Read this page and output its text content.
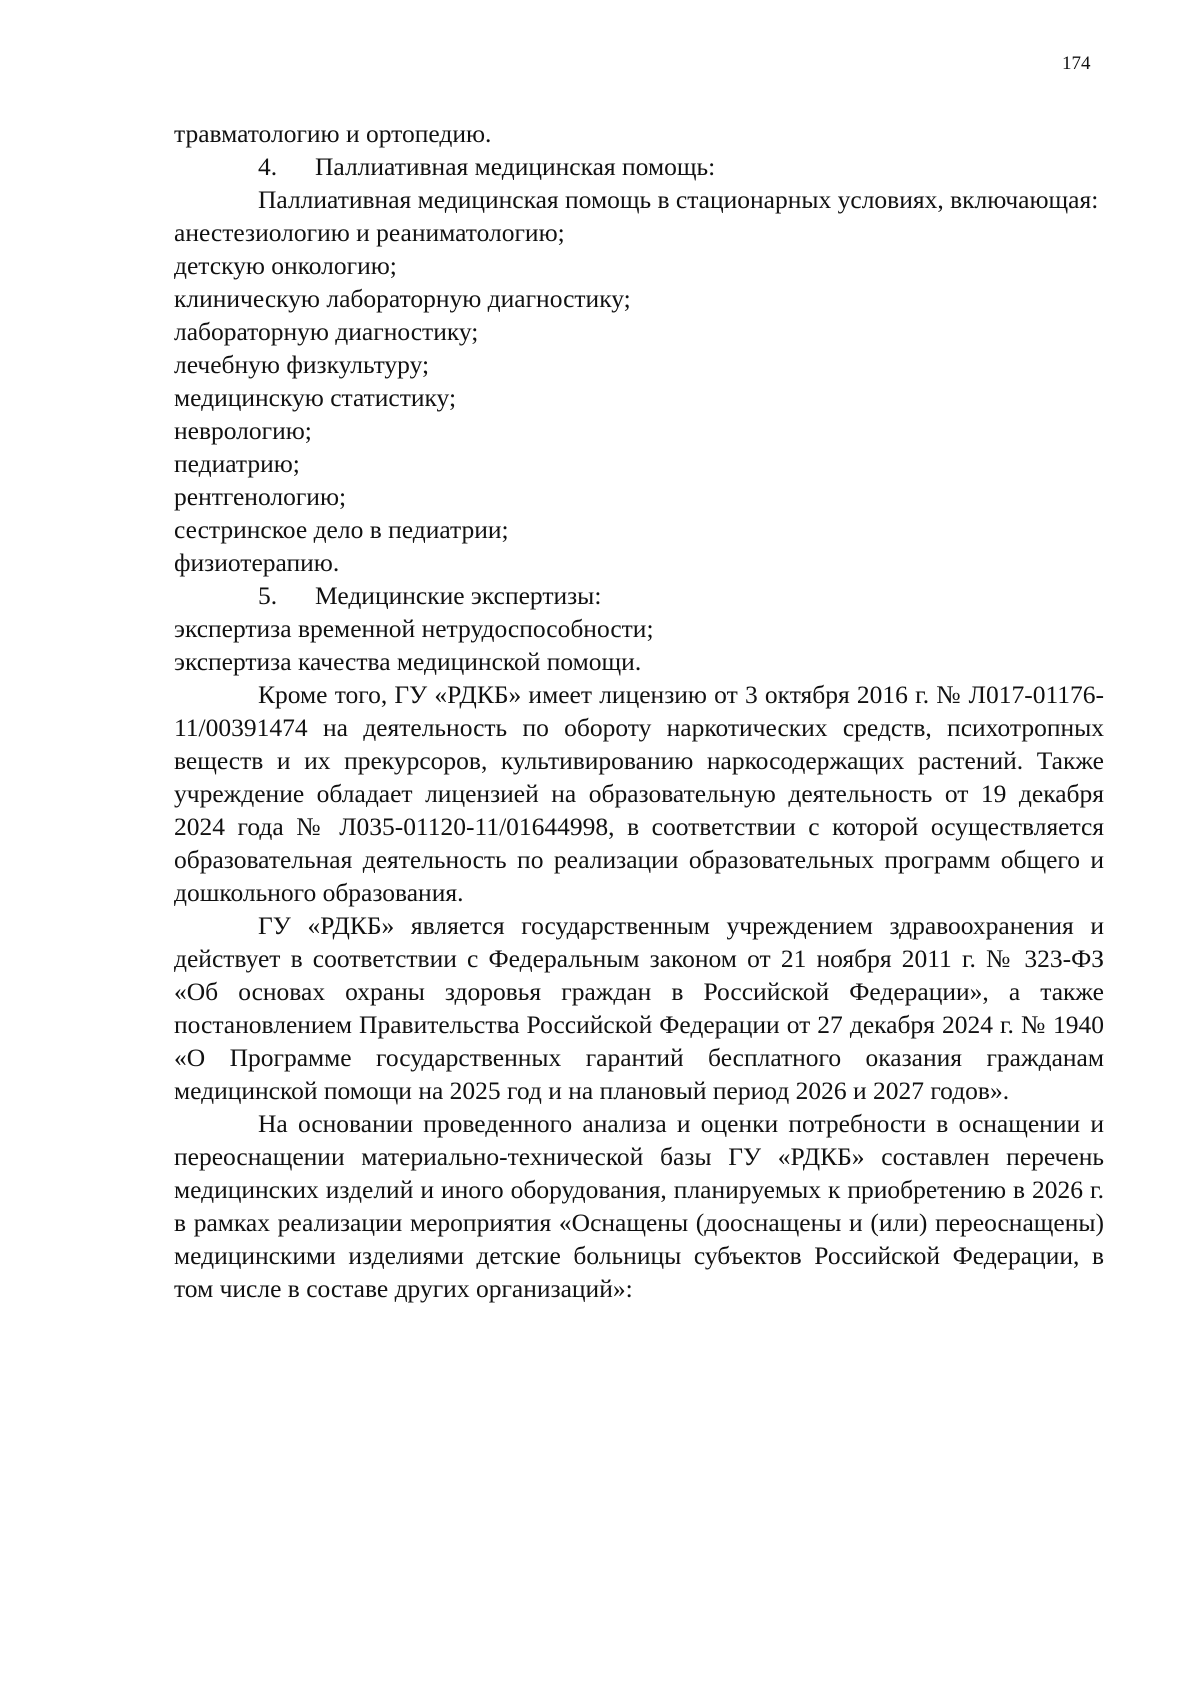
174
травматологию и ортопедию.
4. Паллиативная медицинская помощь:
Паллиативная медицинская помощь в стационарных условиях, включающая:
анестезиологию и реаниматологию;
детскую онкологию;
клиническую лабораторную диагностику;
лабораторную диагностику;
лечебную физкультуру;
медицинскую статистику;
неврологию;
педиатрию;
рентгенологию;
сестринское дело в педиатрии;
физиотерапию.
5. Медицинские экспертизы:
экспертиза временной нетрудоспособности;
экспертиза качества медицинской помощи.
Кроме того, ГУ «РДКБ» имеет лицензию от 3 октября 2016 г. № Л017-01176-11/00391474 на деятельность по обороту наркотических средств, психотропных веществ и их прекурсоров, культивированию наркосодержащих растений. Также учреждение обладает лицензией на образовательную деятельность от 19 декабря 2024 года № Л035-01120-11/01644998, в соответствии с которой осуществляется образовательная деятельность по реализации образовательных программ общего и дошкольного образования.
ГУ «РДКБ» является государственным учреждением здравоохранения и действует в соответствии с Федеральным законом от 21 ноября 2011 г. № 323-ФЗ «Об основах охраны здоровья граждан в Российской Федерации», а также постановлением Правительства Российской Федерации от 27 декабря 2024 г. № 1940 «О Программе государственных гарантий бесплатного оказания гражданам медицинской помощи на 2025 год и на плановый период 2026 и 2027 годов».
На основании проведенного анализа и оценки потребности в оснащении и переоснащении материально-технической базы ГУ «РДКБ» составлен перечень медицинских изделий и иного оборудования, планируемых к приобретению в 2026 г. в рамках реализации мероприятия «Оснащены (дооснащены и (или) переоснащены) медицинскими изделиями детские больницы субъектов Российской Федерации, в том числе в составе других организаций»:
